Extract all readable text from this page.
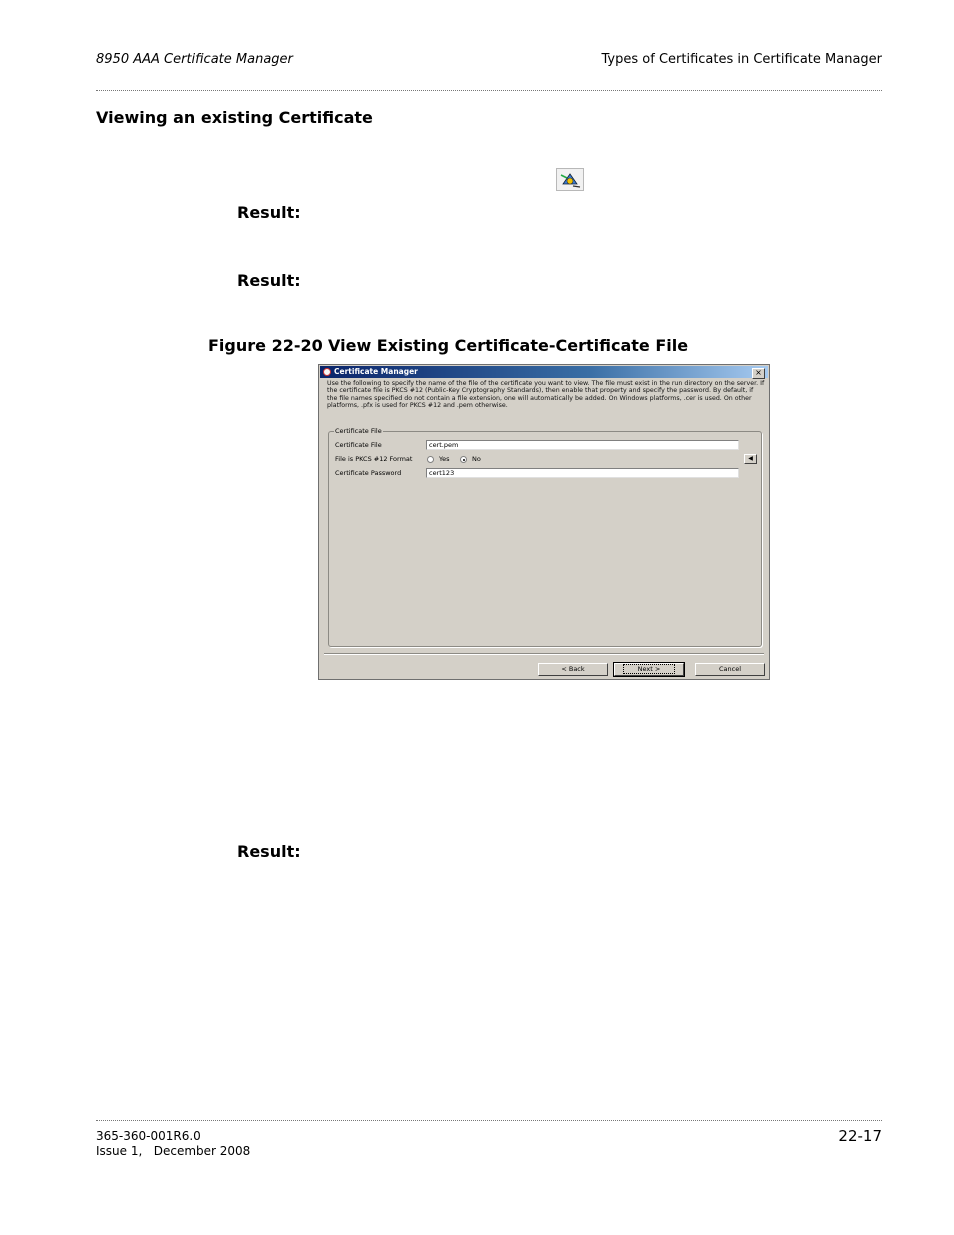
8950 AAA Certificate Manager	Types of Certificates in Certificate Manager
Viewing an existing Certificate
Result:
Result:
Figure 22-20 View Existing Certificate-Certificate File
Certificate Manager	×
Use the following to specify the name of the file of the certificate you want to view. The file must exist in the run directory on the server. If the certificate file is PKCS #12 (Public-Key Cryptography Standards), then enable that property and specify the password. By default, if the file names specified do not contain a file extension, one will automatically be added. On Windows platforms, .cer is used. On other platforms, .pfx is used for PKCS #12 and .pem otherwise.
Certificate File
Certificate File	cert.pem
File is PKCS #12 Format	Yes	No	◀
Certificate Password	cert123
< Back	Next >	Cancel
Result:
365-360-001R6.0
Issue 1,   December 2008
22-17
